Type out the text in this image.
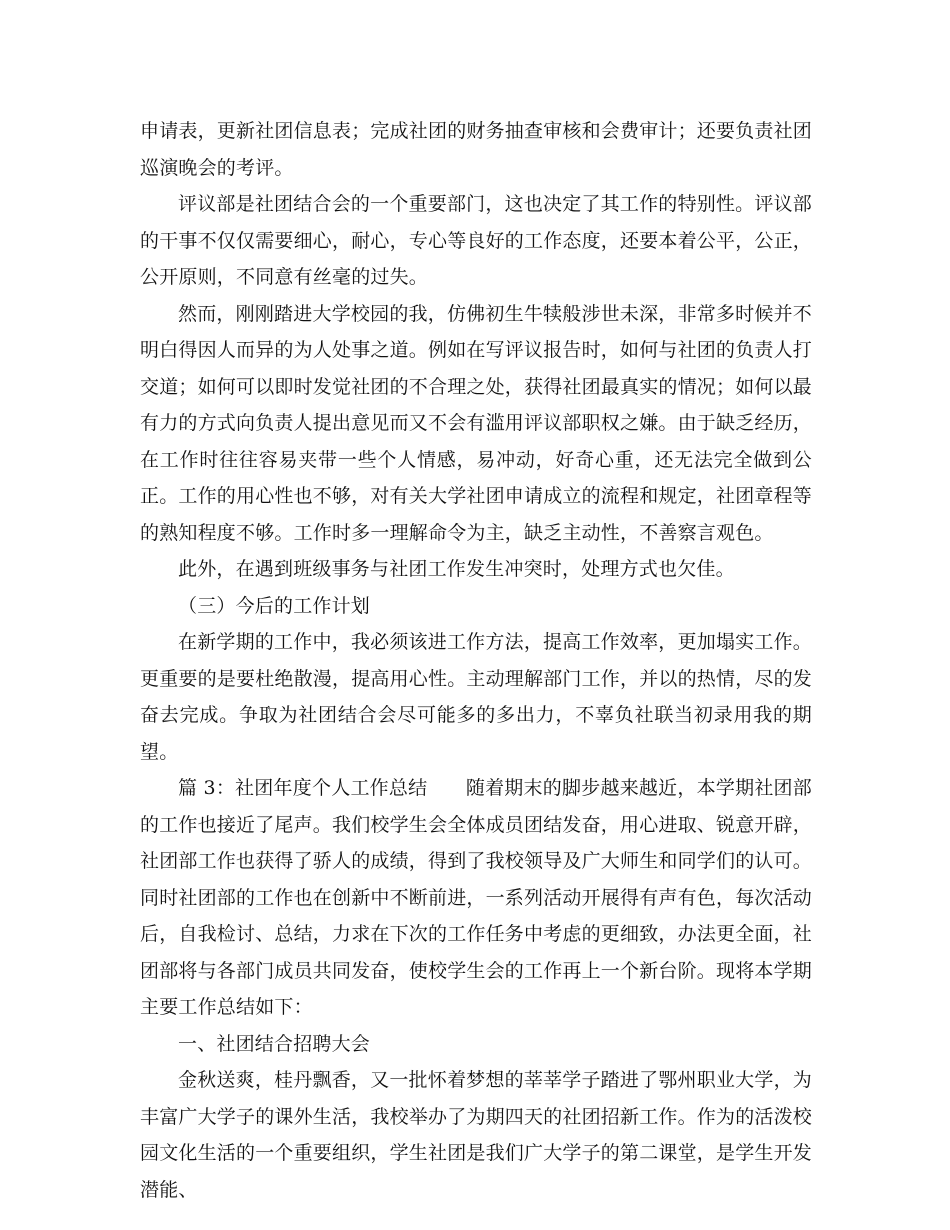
申请表，更新社团信息表；完成社团的财务抽查审核和会费审计；还要负责社团巡演晚会的考评。

评议部是社团结合会的一个重要部门，这也决定了其工作的特别性。评议部的干事不仅仅需要细心，耐心，专心等良好的工作态度，还要本着公平，公正，公开原则，不同意有丝毫的过失。

然而，刚刚踏进大学校园的我，仿佛初生牛犊般涉世未深，非常多时候并不明白得因人而异的为人处事之道。例如在写评议报告时，如何与社团的负责人打交道；如何可以即时发觉社团的不合理之处，获得社团最真实的情况；如何以最有力的方式向负责人提出意见而又不会有滥用评议部职权之嫌。由于缺乏经历，在工作时往往容易夹带一些个人情感，易冲动，好奇心重，还无法完全做到公正。工作的用心性也不够，对有关大学社团申请成立的流程和规定，社团章程等的熟知程度不够。工作时多一理解命令为主，缺乏主动性，不善察言观色。

此外，在遇到班级事务与社团工作发生冲突时，处理方式也欠佳。

（三）今后的工作计划

在新学期的工作中，我必须该进工作方法，提高工作效率，更加塌实工作。更重要的是要杜绝散漫，提高用心性。主动理解部门工作，并以的热情，尽的发奋去完成。争取为社团结合会尽可能多的多出力，不辜负社联当初录用我的期望。

篇 3：社团年度个人工作总结　　随着期末的脚步越来越近，本学期社团部的工作也接近了尾声。我们校学生会全体成员团结发奋，用心进取、锐意开辟，社团部工作也获得了骄人的成绩，得到了我校领导及广大师生和同学们的认可。同时社团部的工作也在创新中不断前进，一系列活动开展得有声有色，每次活动后，自我检讨、总结，力求在下次的工作任务中考虑的更细致，办法更全面，社团部将与各部门成员共同发奋，使校学生会的工作再上一个新台阶。现将本学期主要工作总结如下：

一、社团结合招聘大会

金秋送爽，桂丹飘香，又一批怀着梦想的莘莘学子踏进了鄂州职业大学，为丰富广大学子的课外生活，我校举办了为期四天的社团招新工作。作为的活泼校园文化生活的一个重要组织，学生社团是我们广大学子的第二课堂，是学生开发潜能、
